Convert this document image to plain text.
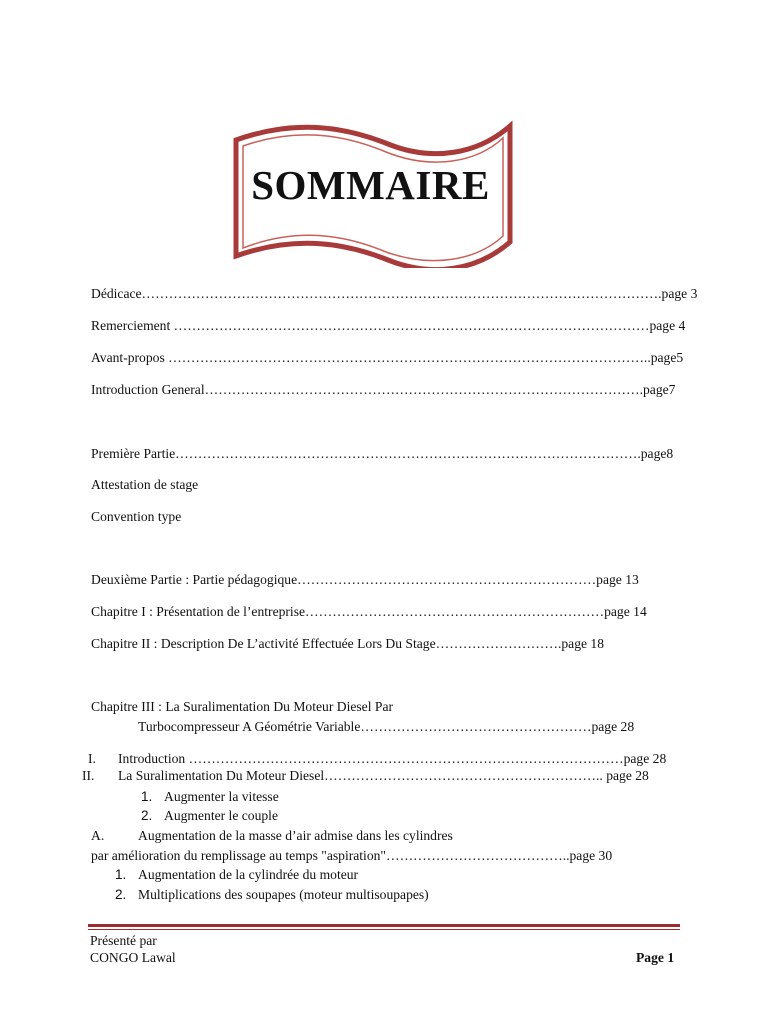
SOMMAIRE
Dédicace…………………………………………………………………………………………………….page 3
Remerciement ……………………………………………………………………………………………page 4
Avant-propos ……………………………………………………………………………………………..page5
Introduction General…………………………………………………………………………………….page7
Première Partie………………………………………………………………………………………….page8
Attestation de stage
Convention type
Deuxième Partie : Partie pédagogique…………………………………………………………page 13
Chapitre I : Présentation de l’entreprise…………………………………………………………page 14
Chapitre II : Description De L’activité Effectuée Lors Du Stage……………………….page 18
Chapitre III : La Suralimentation Du Moteur Diesel Par
Turbocompresseur A Géométrie Variable……………………………………………page 28
I. Introduction ……………………………………………………………………………………page 28
II. La Suralimentation Du Moteur Diesel…………………………………………………….. page 28
1. Augmenter la vitesse
2. Augmenter le couple
A. Augmentation de la masse d’air admise dans les cylindres
par amélioration du remplissage au temps "aspiration"…………………………………..page 30
1. Augmentation de la cylindrée du moteur
2. Multiplications des soupapes (moteur multisoupapes)
Présenté par
CONGO Lawal	Page 1
